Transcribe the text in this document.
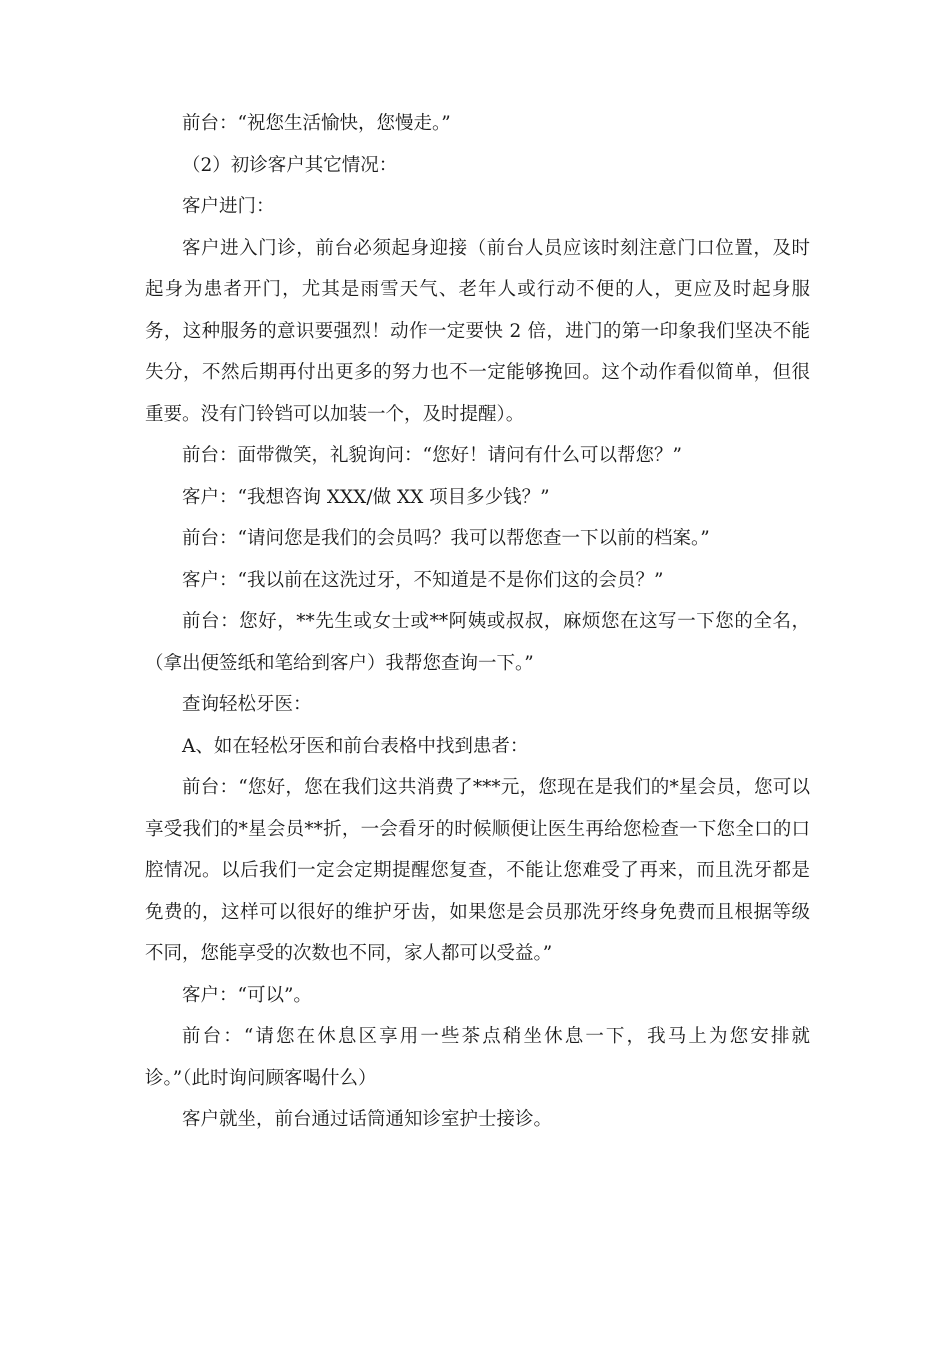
前台：“祝您生活愉快，您慢走。”

（2）初诊客户其它情况：

客户进门：

客户进入门诊，前台必须起身迎接（前台人员应该时刻注意门口位置，及时起身为患者开门，尤其是雨雪天气、老年人或行动不便的人，更应及时起身服务，这种服务的意识要强烈！动作一定要快 2 倍，进门的第一印象我们坚决不能失分，不然后期再付出更多的努力也不一定能够挽回。这个动作看似简单，但很重要。没有门铃铛可以加装一个，及时提醒）。

前台：面带微笑，礼貌询问：“您好！请问有什么可以帮您？”

客户：“我想咨询 XXX/做 XX 项目多少钱？”

前台：“请问您是我们的会员吗？我可以帮您查一下以前的档案。”

客户：“我以前在这洗过牙，不知道是不是你们这的会员？”

前台：您好，**先生或女士或**阿姨或叔叔，麻烦您在这写一下您的全名，（拿出便签纸和笔给到客户）我帮您查询一下。”

查询轻松牙医：

A、如在轻松牙医和前台表格中找到患者：

前台：“您好，您在我们这共消费了***元，您现在是我们的*星会员，您可以享受我们的*星会员**折，一会看牙的时候顺便让医生再给您检查一下您全口的口腔情况。以后我们一定会定期提醒您复查，不能让您难受了再来，而且洗牙都是免费的，这样可以很好的维护牙齿，如果您是会员那洗牙终身免费而且根据等级不同，您能享受的次数也不同，家人都可以受益。”

客户：“可以”。

前台：“请您在休息区享用一些茶点稍坐休息一下，我马上为您安排就诊。”（此时询问顾客喝什么）

客户就坐，前台通过话筒通知诊室护士接诊。
